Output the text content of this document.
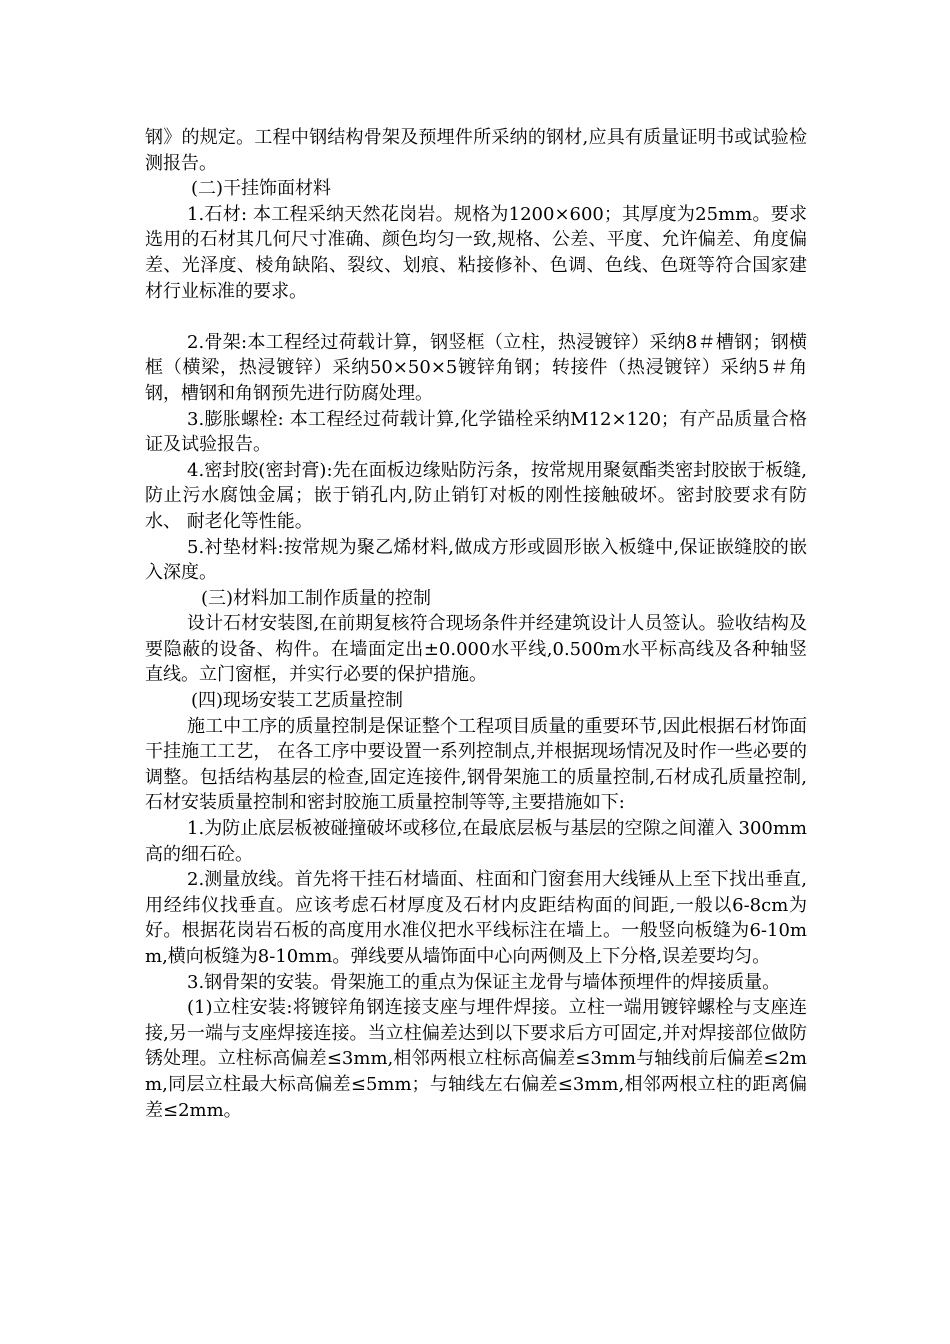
钢》的规定。工程中钢结构骨架及预埋件所采纳的钢材,应具有质量证明书或试验检测报告。

(二)干挂饰面材料

1.石材: 本工程采纳天然花岗岩。规格为1200×600；其厚度为25mm。要求选用的石材其几何尺寸准确、颜色均匀一致,规格、公差、平度、允许偏差、角度偏差、光泽度、棱角缺陷、裂纹、划痕、粘接修补、色调、色线、色斑等符合国家建材行业标准的要求。

2.骨架:本工程经过荷载计算，钢竖框（立柱，热浸镀锌）采纳8＃槽钢；钢横框（横梁，热浸镀锌）采纳50×50×5镀锌角钢；转接件（热浸镀锌）采纳5＃角钢，槽钢和角钢预先进行防腐处理。

3.膨胀螺栓: 本工程经过荷载计算,化学锚栓采纳M12×120；有产品质量合格证及试验报告。

4.密封胶(密封膏):先在面板边缘贴防污条，按常规用聚氨酯类密封胶嵌于板缝,防止污水腐蚀金属；嵌于销孔内,防止销钉对板的刚性接触破坏。密封胶要求有防水、 耐老化等性能。

5.衬垫材料:按常规为聚乙烯材料,做成方形或圆形嵌入板缝中,保证嵌缝胶的嵌入深度。

(三)材料加工制作质量的控制

设计石材安装图,在前期复核符合现场条件并经建筑设计人员签认。验收结构及要隐蔽的设备、构件。在墙面定出±0.000水平线,0.500m水平标高线及各种轴竖直线。立门窗框，并实行必要的保护措施。

(四)现场安装工艺质量控制

施工中工序的质量控制是保证整个工程项目质量的重要环节,因此根据石材饰面干挂施工工艺， 在各工序中要设置一系列控制点,并根据现场情况及时作一些必要的调整。包括结构基层的检查,固定连接件,钢骨架施工的质量控制,石材成孔质量控制,石材安装质量控制和密封胶施工质量控制等等,主要措施如下:

1.为防止底层板被碰撞破坏或移位,在最底层板与基层的空隙之间灌入 300mm高的细石砼。

2.测量放线。首先将干挂石材墙面、柱面和门窗套用大线锤从上至下找出垂直,用经纬仪找垂直。应该考虑石材厚度及石材内皮距结构面的间距,一般以6-8cm为好。根据花岗岩石板的高度用水准仪把水平线标注在墙上。一般竖向板缝为6-10mm,横向板缝为8-10mm。弹线要从墙饰面中心向两侧及上下分格,误差要均匀。

3.钢骨架的安装。骨架施工的重点为保证主龙骨与墙体预埋件的焊接质量。

(1)立柱安装:将镀锌角钢连接支座与埋件焊接。立柱一端用镀锌螺栓与支座连接,另一端与支座焊接连接。当立柱偏差达到以下要求后方可固定,并对焊接部位做防锈处理。立柱标高偏差≤3mm,相邻两根立柱标高偏差≤3mm与轴线前后偏差≤2mm,同层立柱最大标高偏差≤5mm；与轴线左右偏差≤3mm,相邻两根立柱的距离偏差≤2mm。
